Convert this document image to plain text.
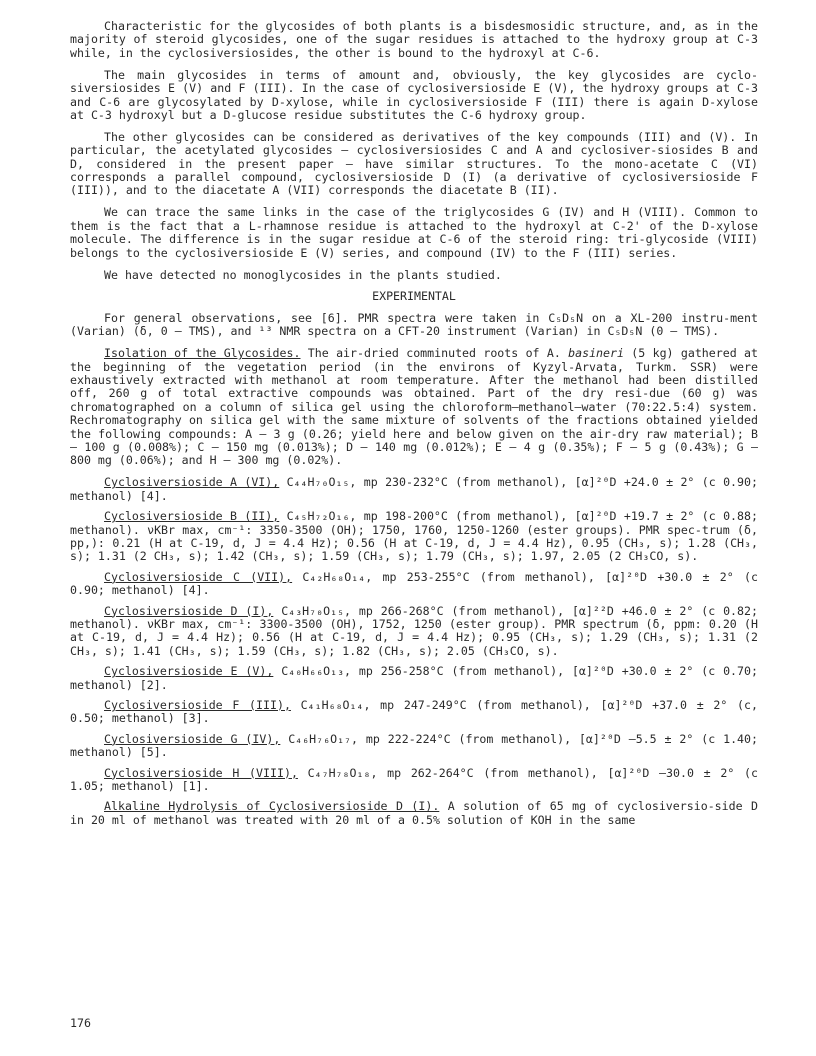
Characteristic for the glycosides of both plants is a bisdesmosidic structure, and, as in the majority of steroid glycosides, one of the sugar residues is attached to the hydroxy group at C-3 while, in the cyclosiversiosides, the other is bound to the hydroxyl at C-6.

The main glycosides in terms of amount and, obviously, the key glycosides are cyclo-siversiosides E (V) and F (III). In the case of cyclosiversioside E (V), the hydroxy groups at C-3 and C-6 are glycosylated by D-xylose, while in cyclosiversioside F (III) there is again D-xylose at C-3 hydroxyl but a D-glucose residue substitutes the C-6 hydroxy group.

The other glycosides can be considered as derivatives of the key compounds (III) and (V). In particular, the acetylated glycosides — cyclosiversiosides C and A and cyclosiver-siosides B and D, considered in the present paper — have similar structures. To the mono-acetate C (VI) corresponds a parallel compound, cyclosiversioside D (I) (a derivative of cyclosiversioside F (III)), and to the diacetate A (VII) corresponds the diacetate B (II).

We can trace the same links in the case of the triglycosides G (IV) and H (VIII). Common to them is the fact that a L-rhamnose residue is attached to the hydroxyl at C-2' of the D-xylose molecule. The difference is in the sugar residue at C-6 of the steroid ring: tri-glycoside (VIII) belongs to the cyclosiversioside E (V) series, and compound (IV) to the F (III) series.

We have detected no monoglycosides in the plants studied.

EXPERIMENTAL

For general observations, see [6]. PMR spectra were taken in C₅D₅N on a XL-200 instru-ment (Varian) (δ, 0 — TMS), and ¹³ NMR spectra on a CFT-20 instrument (Varian) in C₅D₅N (0 — TMS).

Isolation of the Glycosides. The air-dried comminuted roots of A. basineri (5 kg) gathered at the beginning of the vegetation period (in the environs of Kyzyl-Arvata, Turkm. SSR) were exhaustively extracted with methanol at room temperature. After the methanol had been distilled off, 260 g of total extractive compounds was obtained. Part of the dry resi-due (60 g) was chromatographed on a column of silica gel using the chloroform—methanol—water (70:22.5:4) system. Rechromatography on silica gel with the same mixture of solvents of the fractions obtained yielded the following compounds: A — 3 g (0.26; yield here and below given on the air-dry raw material); B — 100 g (0.008%); C — 150 mg (0.013%); D — 140 mg (0.012%); E — 4 g (0.35%); F — 5 g (0.43%); G — 800 mg (0.06%); and H — 300 mg (0.02%).

Cyclosiversioside A (VI), C₄₄H₇₀O₁₅, mp 230-232°C (from methanol), [α]²⁰D +24.0 ± 2° (c 0.90; methanol) [4].

Cyclosiversioside B (II), C₄₅H₇₂O₁₆, mp 198-200°C (from methanol), [α]²⁰D +19.7 ± 2° (c 0.88; methanol). νKBr max, cm⁻¹: 3350-3500 (OH); 1750, 1760, 1250-1260 (ester groups). PMR spec-trum (δ, pp,): 0.21 (H at C-19, d, J = 4.4 Hz); 0.56 (H at C-19, d, J = 4.4 Hz), 0.95 (CH₃, s); 1.28 (CH₃, s); 1.31 (2 CH₃, s); 1.42 (CH₃, s); 1.59 (CH₃, s); 1.79 (CH₃, s); 1.97, 2.05 (2 CH₃CO, s).

Cyclosiversioside C (VII), C₄₂H₆₈O₁₄, mp 253-255°C (from methanol), [α]²⁰D +30.0 ± 2° (c 0.90; methanol) [4].

Cyclosiversioside D (I), C₄₃H₇₀O₁₅, mp 266-268°C (from methanol), [α]²²D +46.0 ± 2° (c 0.82; methanol). νKBr max, cm⁻¹: 3300-3500 (OH), 1752, 1250 (ester group). PMR spectrum (δ, ppm: 0.20 (H at C-19, d, J = 4.4 Hz); 0.56 (H at C-19, d, J = 4.4 Hz); 0.95 (CH₃, s); 1.29 (CH₃, s); 1.31 (2 CH₃, s); 1.41 (CH₃, s); 1.59 (CH₃, s); 1.82 (CH₃, s); 2.05 (CH₃CO, s).

Cyclosiversioside E (V), C₄₀H₆₆O₁₃, mp 256-258°C (from methanol), [α]²⁰D +30.0 ± 2° (c 0.70; methanol) [2].

Cyclosiversioside F (III), C₄₁H₆₈O₁₄, mp 247-249°C (from methanol), [α]²⁰D +37.0 ± 2° (c, 0.50; methanol) [3].

Cyclosiversioside G (IV), C₄₆H₇₆O₁₇, mp 222-224°C (from methanol), [α]²⁰D —5.5 ± 2° (c 1.40; methanol) [5].

Cyclosiversioside H (VIII), C₄₇H₇₈O₁₈, mp 262-264°C (from methanol), [α]²⁰D —30.0 ± 2° (c 1.05; methanol) [1].

Alkaline Hydrolysis of Cyclosiversioside D (I). A solution of 65 mg of cyclosiversio-side D in 20 ml of methanol was treated with 20 ml of a 0.5% solution of KOH in the same

176
